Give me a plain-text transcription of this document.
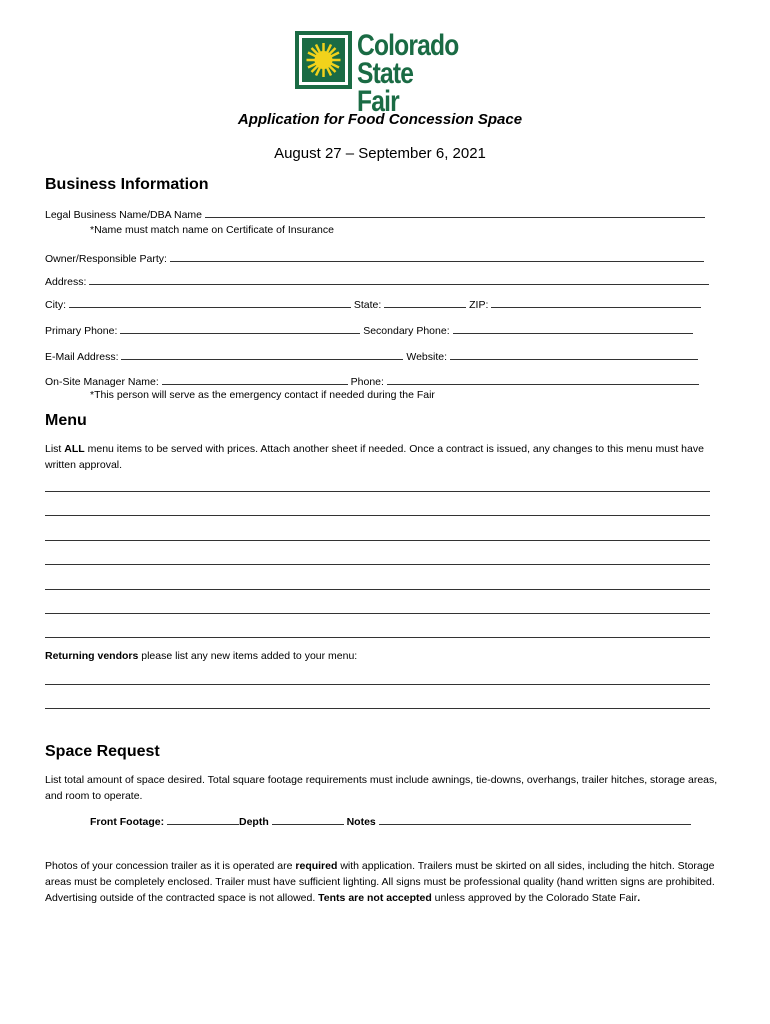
Colorado
State Fair
Application for Food Concession Space
August 27 – September 6, 2021
Business Information
Legal Business Name/DBA Name
*Name must match name on Certificate of Insurance
Owner/Responsible Party:
Address:
City:	State:	ZIP:
Primary Phone:	Secondary Phone:
E-Mail Address:	Website:
On-Site Manager Name:	Phone:
*This person will serve as the emergency contact if needed during the Fair
Menu
List ALL menu items to be served with prices. Attach another sheet if needed. Once a contract is issued, any changes to this menu must have written approval.
Returning vendors please list any new items added to your menu:
Space Request
List total amount of space desired. Total square footage requirements must include awnings, tie-downs, overhangs, trailer hitches, storage areas, and room to operate.
Front Footage:	Depth	Notes
Photos of your concession trailer as it is operated are required with application. Trailers must be skirted on all sides, including the hitch. Storage areas must be completely enclosed. Trailer must have sufficient lighting. All signs must be professional quality (hand written signs are prohibited. Advertising outside of the contracted space is not allowed. Tents are not accepted unless approved by the Colorado State Fair.
